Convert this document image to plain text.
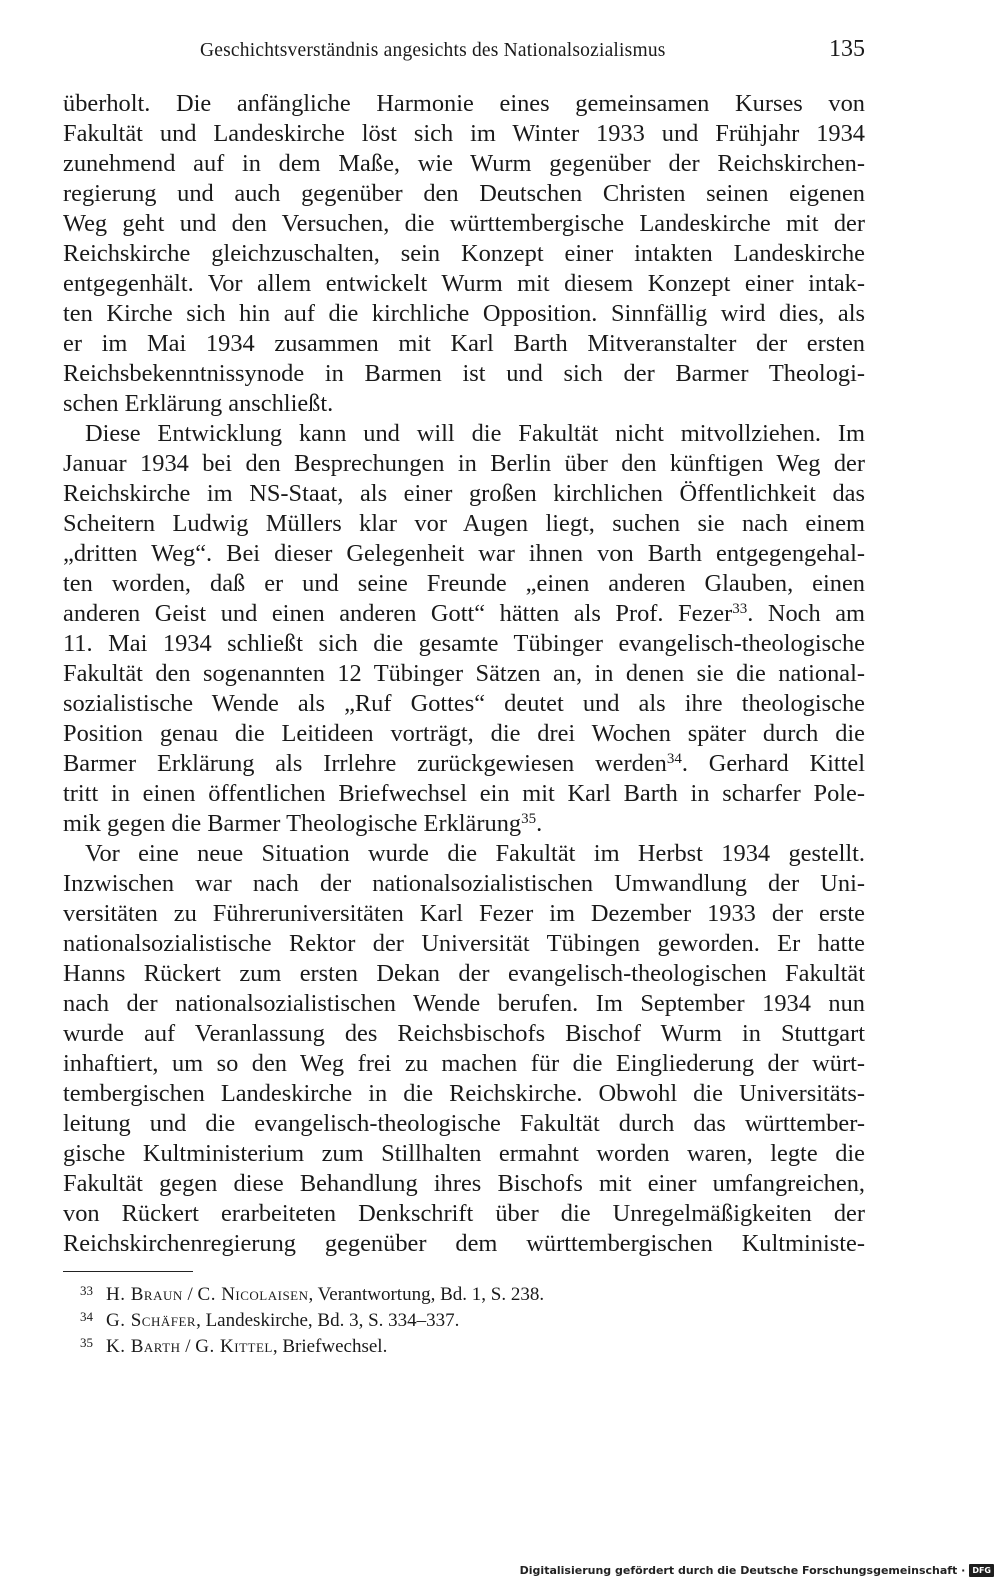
Geschichtsverständnis angesichts des Nationalsozialismus	135
überholt. Die anfängliche Harmonie eines gemeinsamen Kurses von
Fakultät und Landeskirche löst sich im Winter 1933 und Frühjahr 1934
zunehmend auf in dem Maße, wie Wurm gegenüber der Reichskirchen-
regierung und auch gegenüber den Deutschen Christen seinen eigenen
Weg geht und den Versuchen, die württembergische Landeskirche mit der
Reichskirche gleichzuschalten, sein Konzept einer intakten Landeskirche
entgegenhält. Vor allem entwickelt Wurm mit diesem Konzept einer intak-
ten Kirche sich hin auf die kirchliche Opposition. Sinnfällig wird dies, als
er im Mai 1934 zusammen mit Karl Barth Mitveranstalter der ersten
Reichsbekenntnissynode in Barmen ist und sich der Barmer Theologi-
schen Erklärung anschließt.
Diese Entwicklung kann und will die Fakultät nicht mitvollziehen. Im
Januar 1934 bei den Besprechungen in Berlin über den künftigen Weg der
Reichskirche im NS-Staat, als einer großen kirchlichen Öffentlichkeit das
Scheitern Ludwig Müllers klar vor Augen liegt, suchen sie nach einem
„dritten Weg“. Bei dieser Gelegenheit war ihnen von Barth entgegengehal-
ten worden, daß er und seine Freunde „einen anderen Glauben, einen
anderen Geist und einen anderen Gott“ hätten als Prof. Fezer$^{33}$. Noch am
11. Mai 1934 schließt sich die gesamte Tübinger evangelisch-theologische
Fakultät den sogenannten 12 Tübinger Sätzen an, in denen sie die national-
sozialistische Wende als „Ruf Gottes“ deutet und als ihre theologische
Position genau die Leitideen vorträgt, die drei Wochen später durch die
Barmer Erklärung als Irrlehre zurückgewiesen werden$^{34}$. Gerhard Kittel
tritt in einen öffentlichen Briefwechsel ein mit Karl Barth in scharfer Pole-
mik gegen die Barmer Theologische Erklärung$^{35}$.
Vor eine neue Situation wurde die Fakultät im Herbst 1934 gestellt.
Inzwischen war nach der nationalsozialistischen Umwandlung der Uni-
versitäten zu Führeruniversitäten Karl Fezer im Dezember 1933 der erste
nationalsozialistische Rektor der Universität Tübingen geworden. Er hatte
Hanns Rückert zum ersten Dekan der evangelisch-theologischen Fakultät
nach der nationalsozialistischen Wende berufen. Im September 1934 nun
wurde auf Veranlassung des Reichsbischofs Bischof Wurm in Stuttgart
inhaftiert, um so den Weg frei zu machen für die Eingliederung der würt-
tembergischen Landeskirche in die Reichskirche. Obwohl die Universitäts-
leitung und die evangelisch-theologische Fakultät durch das württember-
gische Kultministerium zum Stillhalten ermahnt worden waren, legte die
Fakultät gegen diese Behandlung ihres Bischofs mit einer umfangreichen,
von Rückert erarbeiteten Denkschrift über die Unregelmäßigkeiten der
Reichskirchenregierung gegenüber dem württembergischen Kultministe-
33 H. Braun / C. Nicolaisen, Verantwortung, Bd. 1, S. 238.
34 G. Schäfer, Landeskirche, Bd. 3, S. 334–337.
35 K. Barth / G. Kittel, Briefwechsel.
Digitalisierung gefördert durch die Deutsche Forschungsgemeinschaft · DFG
